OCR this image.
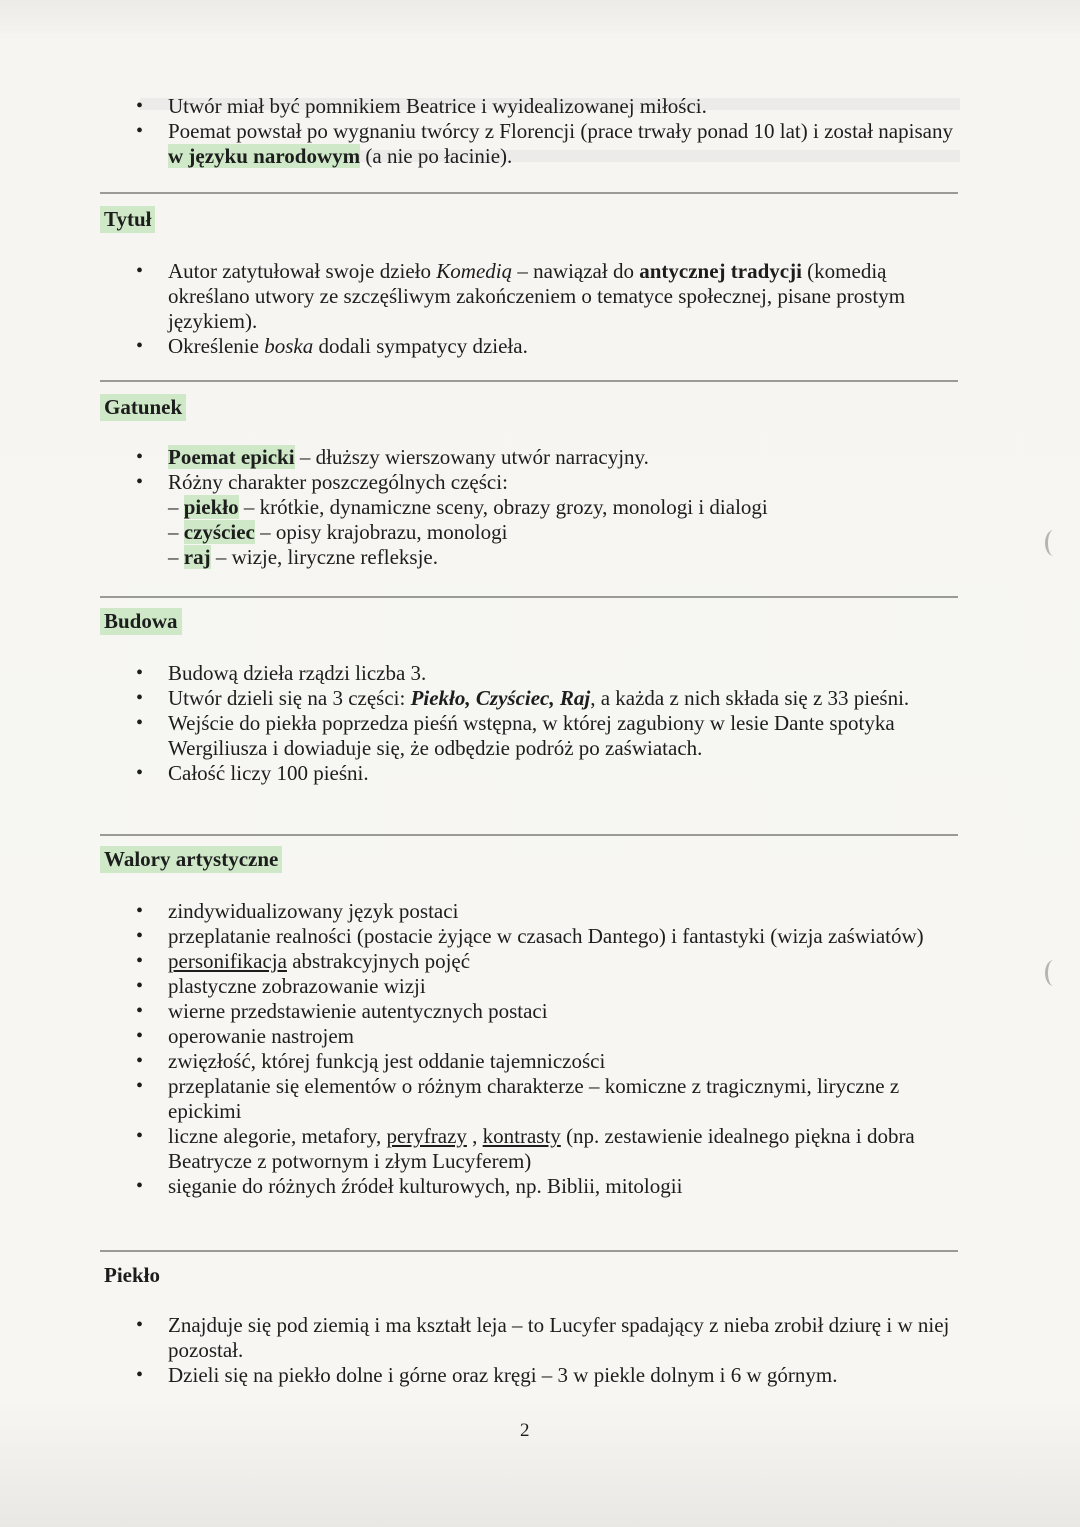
• Utwór miał być pomnikiem Beatrice i wyidealizowanej miłości.
• Poemat powstał po wygnaniu twórcy z Florencji (prace trwały ponad 10 lat) i został napisany w języku narodowym (a nie po łacinie).
Tytuł
• Autor zatytułował swoje dzieło Komedią – nawiązał do antycznej tradycji (komedią określano utwory ze szczęśliwym zakończeniem o tematyce społecznej, pisane prostym językiem).
• Określenie boska dodali sympatycy dzieła.
Gatunek
• Poemat epicki – dłuższy wierszowany utwór narracyjny.
• Różny charakter poszczególnych części:
– piekło – krótkie, dynamiczne sceny, obrazy grozy, monologi i dialogi
– czyściec – opisy krajobrazu, monologi
– raj – wizje, liryczne refleksje.
Budowa
• Budową dzieła rządzi liczba 3.
• Utwór dzieli się na 3 części: Piekło, Czyściec, Raj, a każda z nich składa się z 33 pieśni.
• Wejście do piekła poprzedza pieśń wstępna, w której zagubiony w lesie Dante spotyka Wergiliusza i dowiaduje się, że odbędzie podróż po zaświatach.
• Całość liczy 100 pieśni.
Walory artystyczne
• zindywidualizowany język postaci
• przeplatanie realności (postacie żyjące w czasach Dantego) i fantastyki (wizja zaświatów)
• personifikacja abstrakcyjnych pojęć
• plastyczne zobrazowanie wizji
• wierne przedstawienie autentycznych postaci
• operowanie nastrojem
• zwięzłość, której funkcją jest oddanie tajemniczości
• przeplatanie się elementów o różnym charakterze – komiczne z tragicznymi, liryczne z epickimi
• liczne alegorie, metafory, peryfrazy , kontrasty (np. zestawienie idealnego piękna i dobra Beatrycze z potwornym i złym Lucyferem)
• sięganie do różnych źródeł kulturowych, np. Biblii, mitologii
Piekło
• Znajduje się pod ziemią i ma kształt leja – to Lucyfer spadający z nieba zrobił dziurę i w niej pozostał.
• Dzieli się na piekło dolne i górne oraz kręgi – 3 w piekle dolnym i 6 w górnym.
2
